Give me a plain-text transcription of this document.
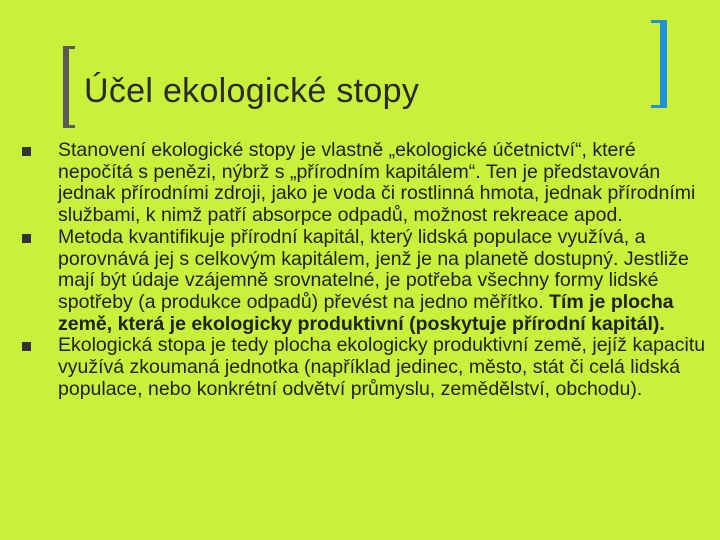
Účel ekologické stopy
Stanovení ekologické stopy je vlastně „ekologické účetnictví“, které nepočítá s penězi, nýbrž s „přírodním kapitálem“. Ten je představován jednak přírodními zdroji, jako je voda či rostlinná hmota, jednak přírodními službami, k nimž patří absorpce odpadů, možnost rekreace apod.
Metoda kvantifikuje přírodní kapitál, který lidská populace využívá, a porovnává jej s celkovým kapitálem, jenž je na planetě dostupný. Jestliže mají být údaje vzájemně srovnatelné, je potřeba všechny formy lidské spotřeby (a produkce odpadů) převést na jedno měřítko. Tím je plocha země, která je ekologicky produktivní (poskytuje přírodní kapitál).
Ekologická stopa je tedy plocha ekologicky produktivní země, jejíž kapacitu využívá zkoumaná jednotka (například jedinec, město, stát či celá lidská populace, nebo konkrétní odvětví průmyslu, zemědělství, obchodu).
